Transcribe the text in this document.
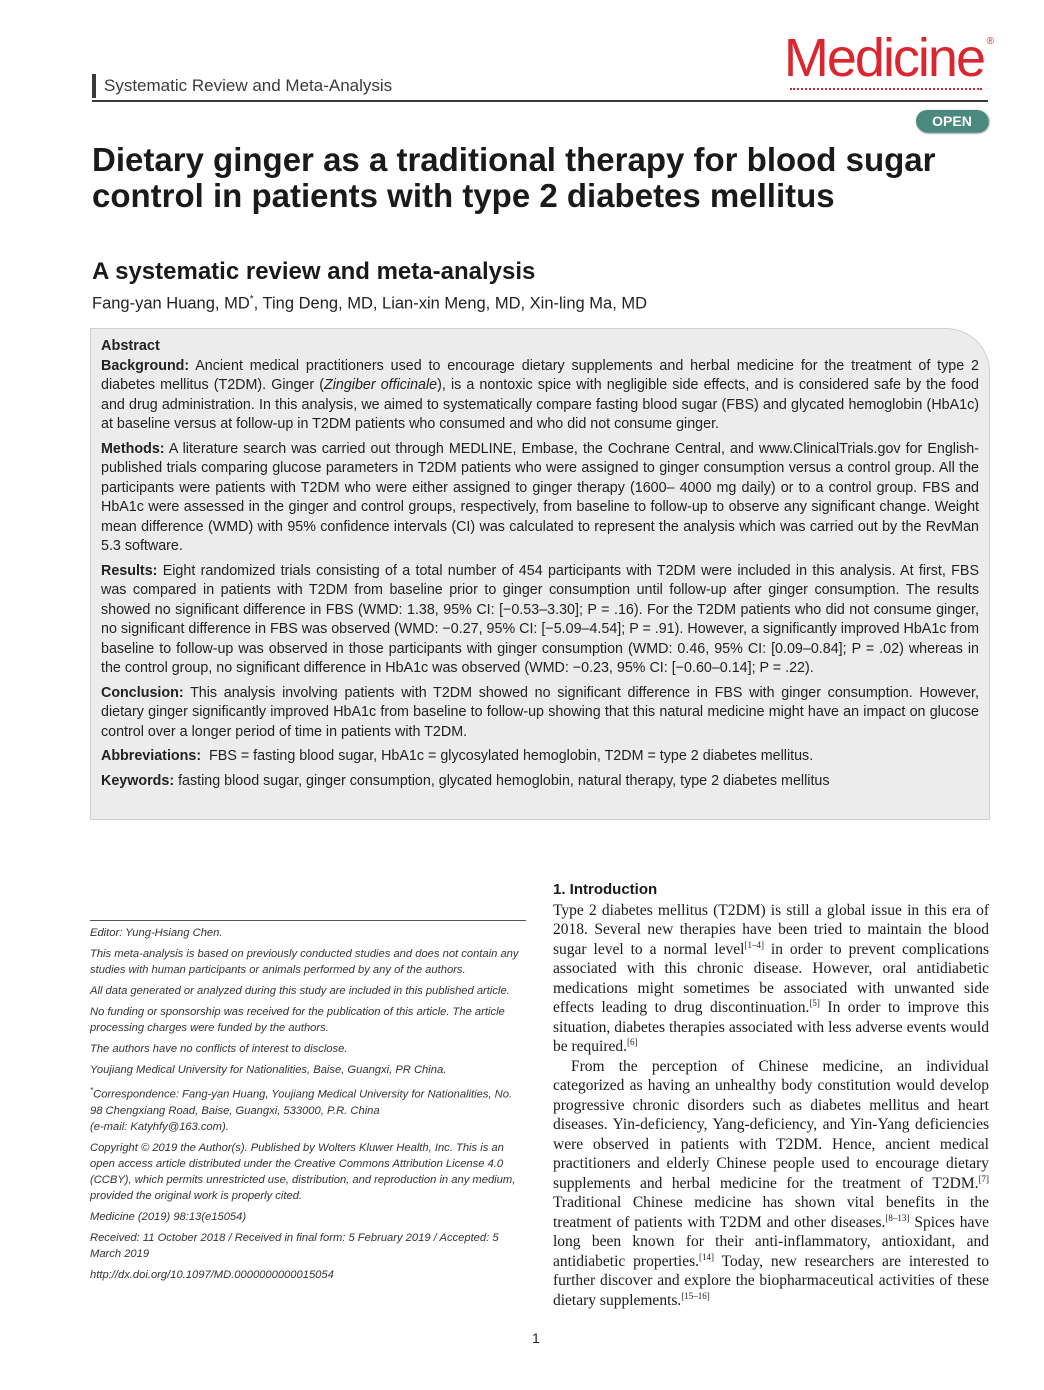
Systematic Review and Meta-Analysis	Medicine ®
OPEN
Dietary ginger as a traditional therapy for blood sugar control in patients with type 2 diabetes mellitus
A systematic review and meta-analysis
Fang-yan Huang, MD*, Ting Deng, MD, Lian-xin Meng, MD, Xin-ling Ma, MD
Abstract

Background: Ancient medical practitioners used to encourage dietary supplements and herbal medicine for the treatment of type 2 diabetes mellitus (T2DM). Ginger (Zingiber officinale), is a nontoxic spice with negligible side effects, and is considered safe by the food and drug administration. In this analysis, we aimed to systematically compare fasting blood sugar (FBS) and glycated hemoglobin (HbA1c) at baseline versus at follow-up in T2DM patients who consumed and who did not consume ginger.

Methods: A literature search was carried out through MEDLINE, Embase, the Cochrane Central, and www.ClinicalTrials.gov for English-published trials comparing glucose parameters in T2DM patients who were assigned to ginger consumption versus a control group. All the participants were patients with T2DM who were either assigned to ginger therapy (1600– 4000 mg daily) or to a control group. FBS and HbA1c were assessed in the ginger and control groups, respectively, from baseline to follow-up to observe any significant change. Weight mean difference (WMD) with 95% confidence intervals (CI) was calculated to represent the analysis which was carried out by the RevMan 5.3 software.

Results: Eight randomized trials consisting of a total number of 454 participants with T2DM were included in this analysis. At first, FBS was compared in patients with T2DM from baseline prior to ginger consumption until follow-up after ginger consumption. The results showed no significant difference in FBS (WMD: 1.38, 95% CI: [−0.53–3.30]; P = .16). For the T2DM patients who did not consume ginger, no significant difference in FBS was observed (WMD: −0.27, 95% CI: [−5.09–4.54]; P = .91). However, a significantly improved HbA1c from baseline to follow-up was observed in those participants with ginger consumption (WMD: 0.46, 95% CI: [0.09–0.84]; P = .02) whereas in the control group, no significant difference in HbA1c was observed (WMD: −0.23, 95% CI: [−0.60–0.14]; P = .22).

Conclusion: This analysis involving patients with T2DM showed no significant difference in FBS with ginger consumption. However, dietary ginger significantly improved HbA1c from baseline to follow-up showing that this natural medicine might have an impact on glucose control over a longer period of time in patients with T2DM.

Abbreviations: FBS = fasting blood sugar, HbA1c = glycosylated hemoglobin, T2DM = type 2 diabetes mellitus.

Keywords: fasting blood sugar, ginger consumption, glycated hemoglobin, natural therapy, type 2 diabetes mellitus

Editor: Yung-Hsiang Chen.

This meta-analysis is based on previously conducted studies and does not contain any studies with human participants or animals performed by any of the authors.

All data generated or analyzed during this study are included in this published article.

No funding or sponsorship was received for the publication of this article. The article processing charges were funded by the authors.

The authors have no conflicts of interest to disclose.

Youjiang Medical University for Nationalities, Baise, Guangxi, PR China.

*Correspondence: Fang-yan Huang, Youjiang Medical University for Nationalities, No. 98 Chengxiang Road, Baise, Guangxi, 533000, P.R. China
(e-mail: Katyhfy@163.com).

Copyright © 2019 the Author(s). Published by Wolters Kluwer Health, Inc. This is an open access article distributed under the Creative Commons Attribution License 4.0 (CCBY), which permits unrestricted use, distribution, and reproduction in any medium, provided the original work is properly cited.

Medicine (2019) 98:13(e15054)

Received: 11 October 2018 / Received in final form: 5 February 2019 / Accepted: 5 March 2019

http://dx.doi.org/10.1097/MD.0000000000015054

1. Introduction

Type 2 diabetes mellitus (T2DM) is still a global issue in this era of 2018. Several new therapies have been tried to maintain the blood sugar level to a normal level[1–4] in order to prevent complications associated with this chronic disease. However, oral antidiabetic medications might sometimes be associated with unwanted side effects leading to drug discontinuation.[5] In order to improve this situation, diabetes therapies associated with less adverse events would be required.[6]

From the perception of Chinese medicine, an individual categorized as having an unhealthy body constitution would develop progressive chronic disorders such as diabetes mellitus and heart diseases. Yin-deficiency, Yang-deficiency, and Yin-Yang deficiencies were observed in patients with T2DM. Hence, ancient medical practitioners and elderly Chinese people used to encourage dietary supplements and herbal medicine for the treatment of T2DM.[7] Traditional Chinese medicine has shown vital benefits in the treatment of patients with T2DM and other diseases.[8–13] Spices have long been known for their anti-inflammatory, antioxidant, and antidiabetic properties.[14] Today, new researchers are interested to further discover and explore the biopharmaceutical activities of these dietary supplements.[15–16]

1
